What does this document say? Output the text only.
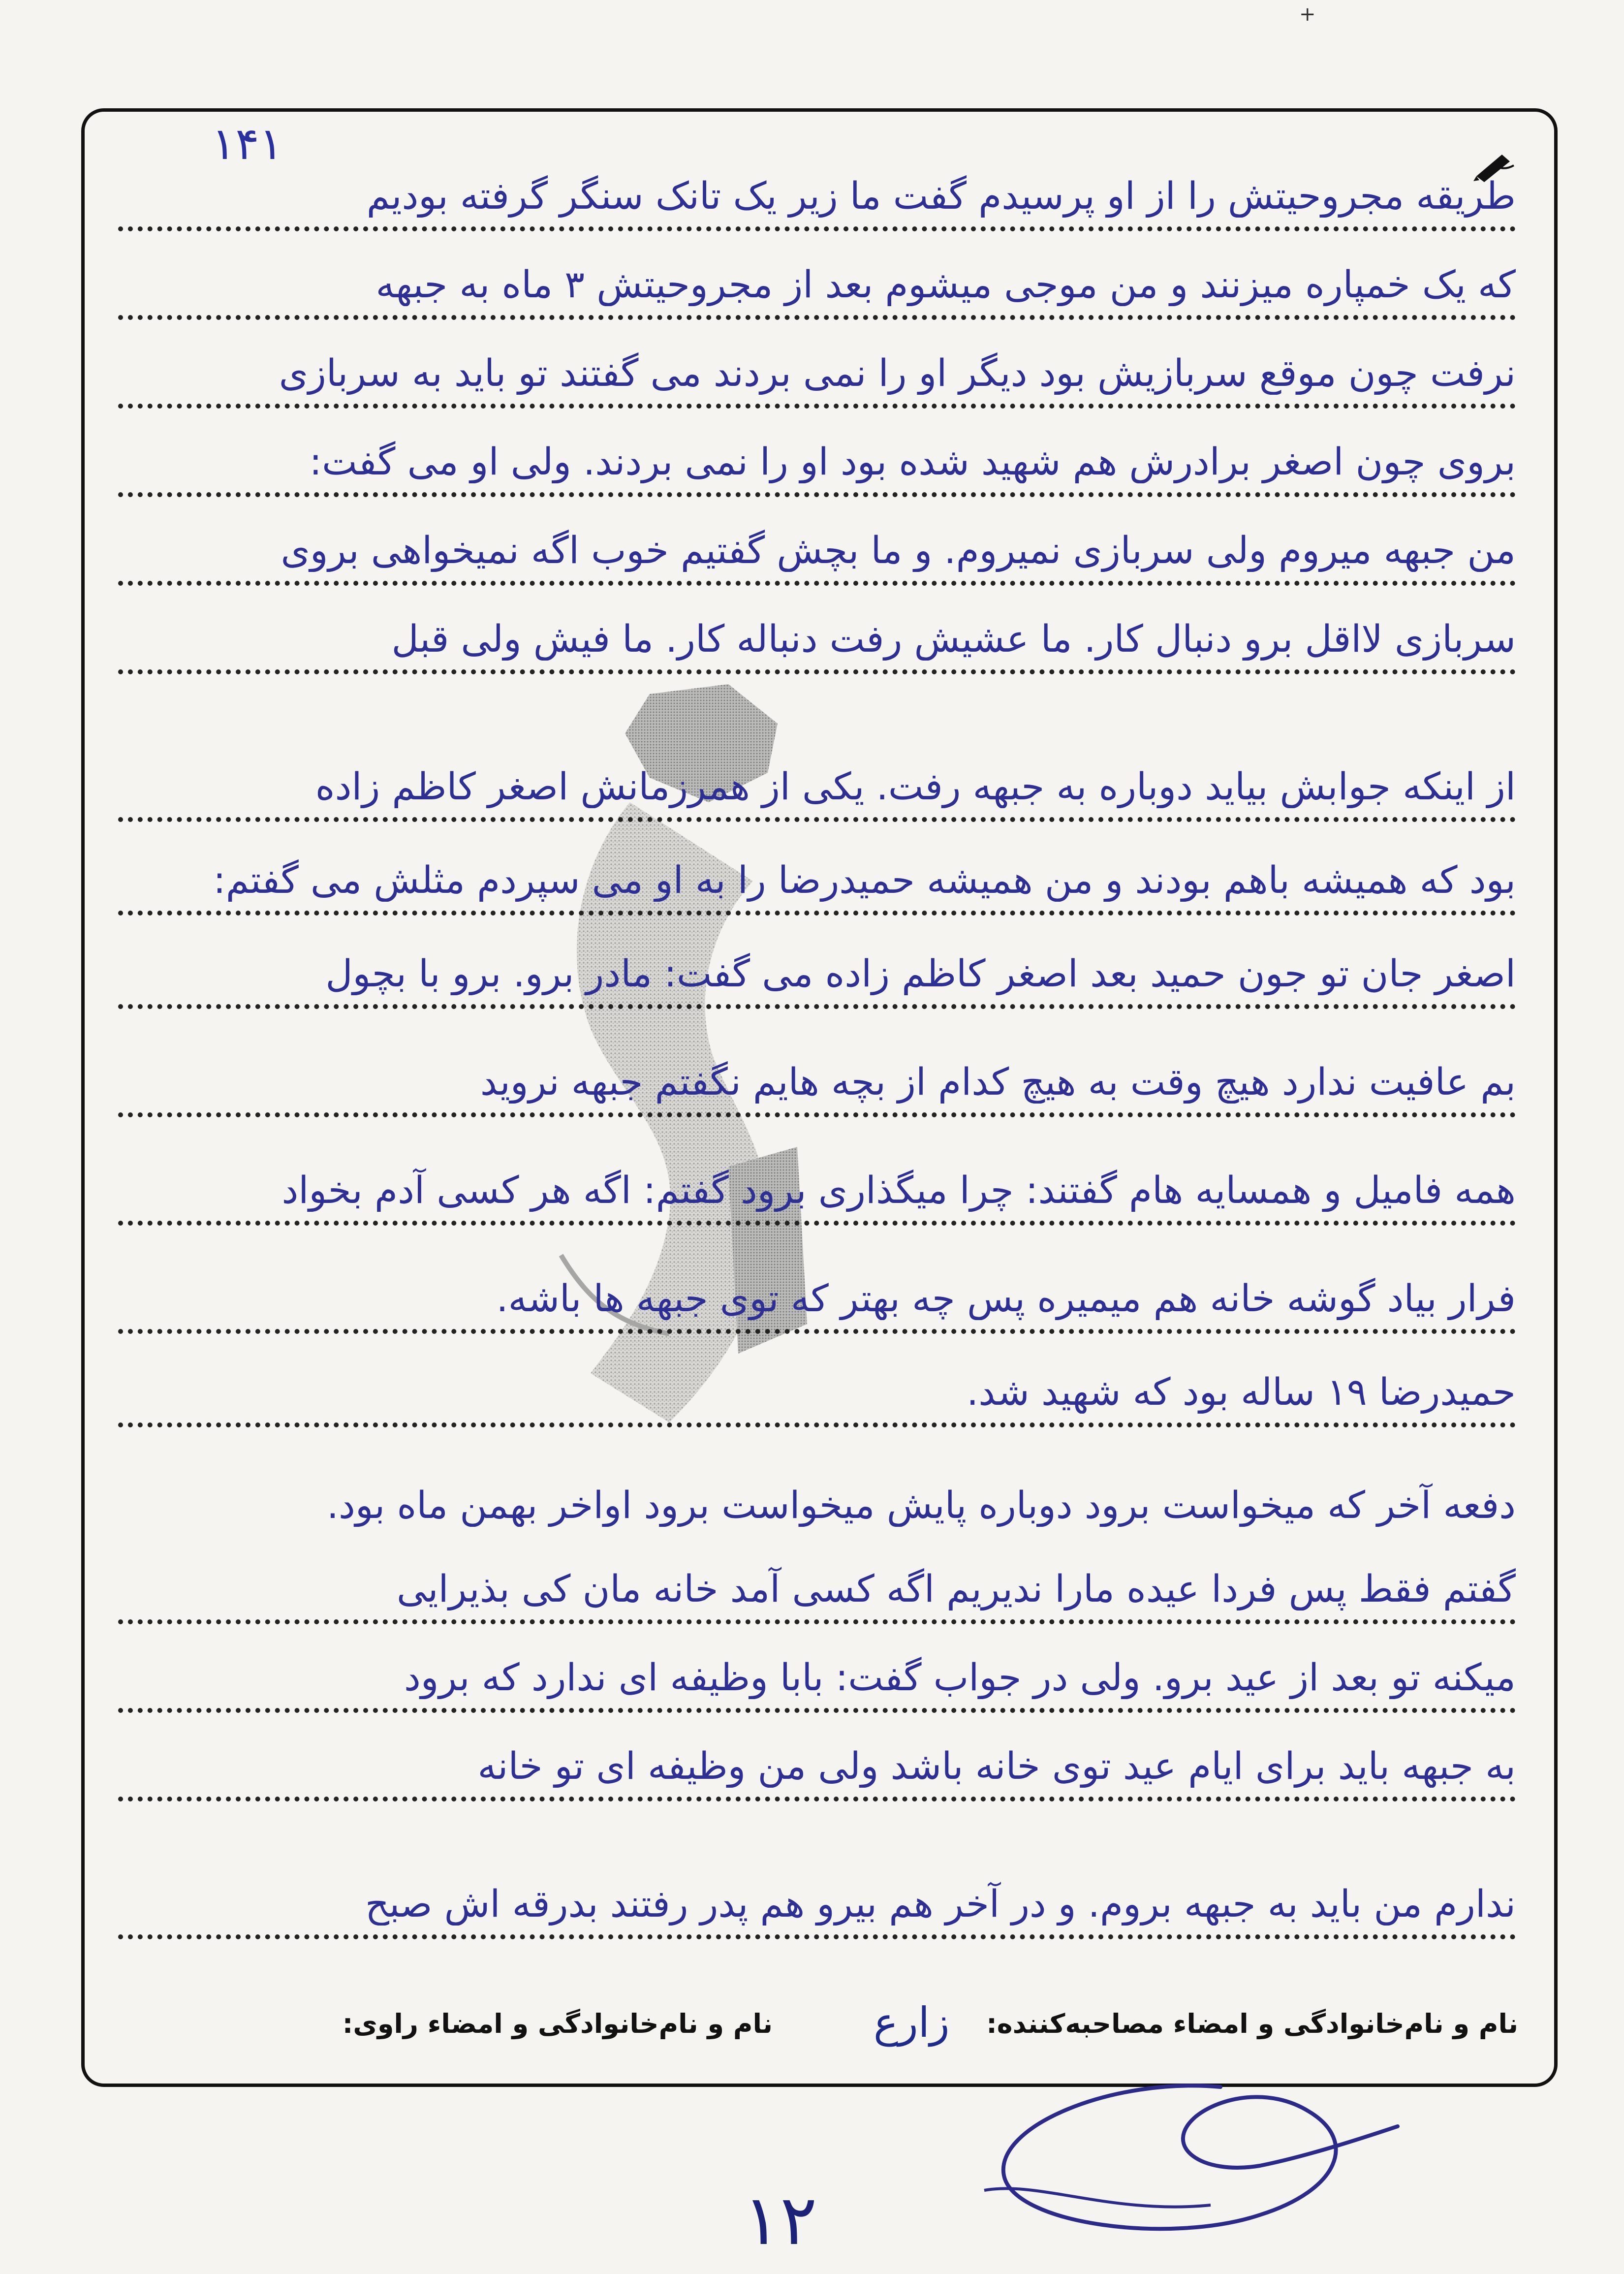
+
۱۴۱
طریقه مجروحیتش را از او پرسیدم گفت ما زیر یک تانک سنگر گرفته بودیم
که یک خمپاره میزنند و من موجی میشوم بعد از مجروحیتش ۳ ماه به جبهه
نرفت چون موقع سربازیش بود دیگر او را نمی بردند می گفتند تو باید به سربازی
بروی چون اصغر برادرش هم شهید شده بود او را نمی بردند. ولی او می گفت:
من جبهه میروم ولی سربازی نمیروم. و ما بچش گفتیم خوب اگه نمیخواهی بروی
سربازی لااقل برو دنبال کار. ما عشیش رفت دنباله کار. ما فیش ولی قبل
از اینکه جوابش بیاید دوباره به جبهه رفت. یکی از همرزمانش اصغر کاظم زاده
بود که همیشه باهم بودند و من همیشه حمیدرضا را به او می سپردم مثلش می گفتم:
اصغر جان تو جون حمید بعد اصغر کاظم زاده می گفت: مادر برو. برو با بچول
بم عافیت ندارد هیچ وقت به هیچ کدام از بچه هایم نگفتم جبهه نروید
همه فامیل و همسایه هام گفتند: چرا میگذاری برود گفتم: اگه هر کسی آدم بخواد
فرار بیاد گوشه خانه هم میمیره پس چه بهتر که توی جبهه ها باشه.
حمیدرضا ۱۹ ساله بود که شهید شد.
دفعه آخر که میخواست برود دوباره پایش میخواست برود اواخر بهمن ماه بود.
گفتم فقط پس فردا عیده مارا ندیریم اگه کسی آمد خانه مان کی بذیرایی
میکنه تو بعد از عید برو. ولی در جواب گفت: بابا وظیفه ای ندارد که برود
به جبهه باید برای ایام عید توی خانه باشد ولی من وظیفه ای تو خانه
ندارم من باید به جبهه بروم. و در آخر هم بیرو هم پدر رفتند بدرقه اش صبح
نام و نام‌خانوادگی و امضاء مصاحبه‌کننده:
زارع
نام و نام‌خانوادگی و امضاء راوی:
۱۲
